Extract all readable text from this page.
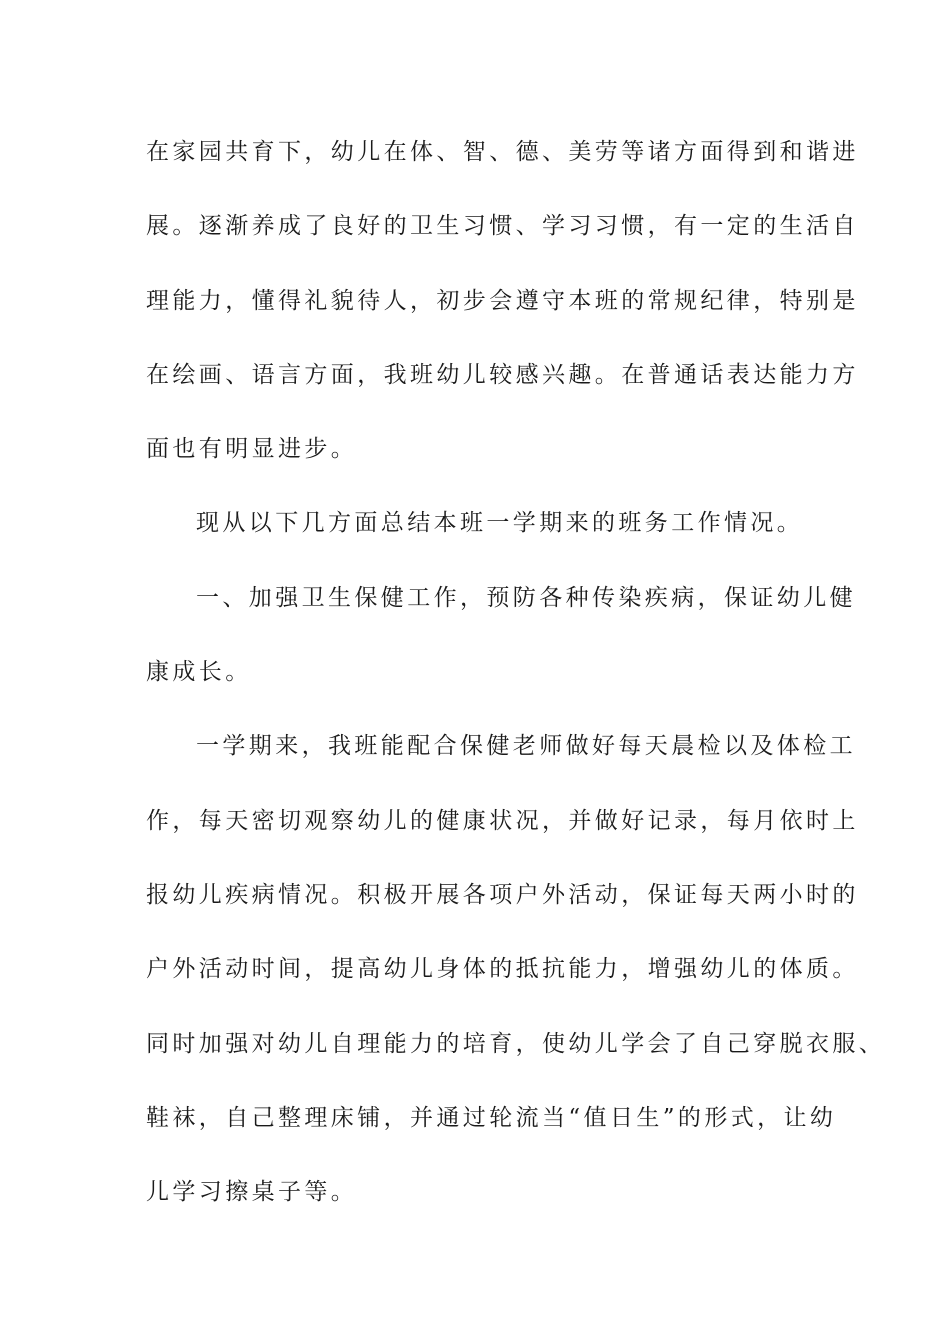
在家园共育下，幼儿在体、智、德、美劳等诸方面得到和谐进
展。逐渐养成了良好的卫生习惯、学习习惯，有一定的生活自
理能力，懂得礼貌待人，初步会遵守本班的常规纪律，特别是
在绘画、语言方面，我班幼儿较感兴趣。在普通话表达能力方
面也有明显进步。
现从以下几方面总结本班一学期来的班务工作情况。
一、加强卫生保健工作，预防各种传染疾病，保证幼儿健
康成长。
一学期来，我班能配合保健老师做好每天晨检以及体检工
作，每天密切观察幼儿的健康状况，并做好记录，每月依时上
报幼儿疾病情况。积极开展各项户外活动，保证每天两小时的
户外活动时间，提高幼儿身体的抵抗能力，增强幼儿的体质。
同时加强对幼儿自理能力的培育，使幼儿学会了自己穿脱衣服、
鞋袜，自己整理床铺，并通过轮流当“值日生”的形式，让幼
儿学习擦桌子等。
